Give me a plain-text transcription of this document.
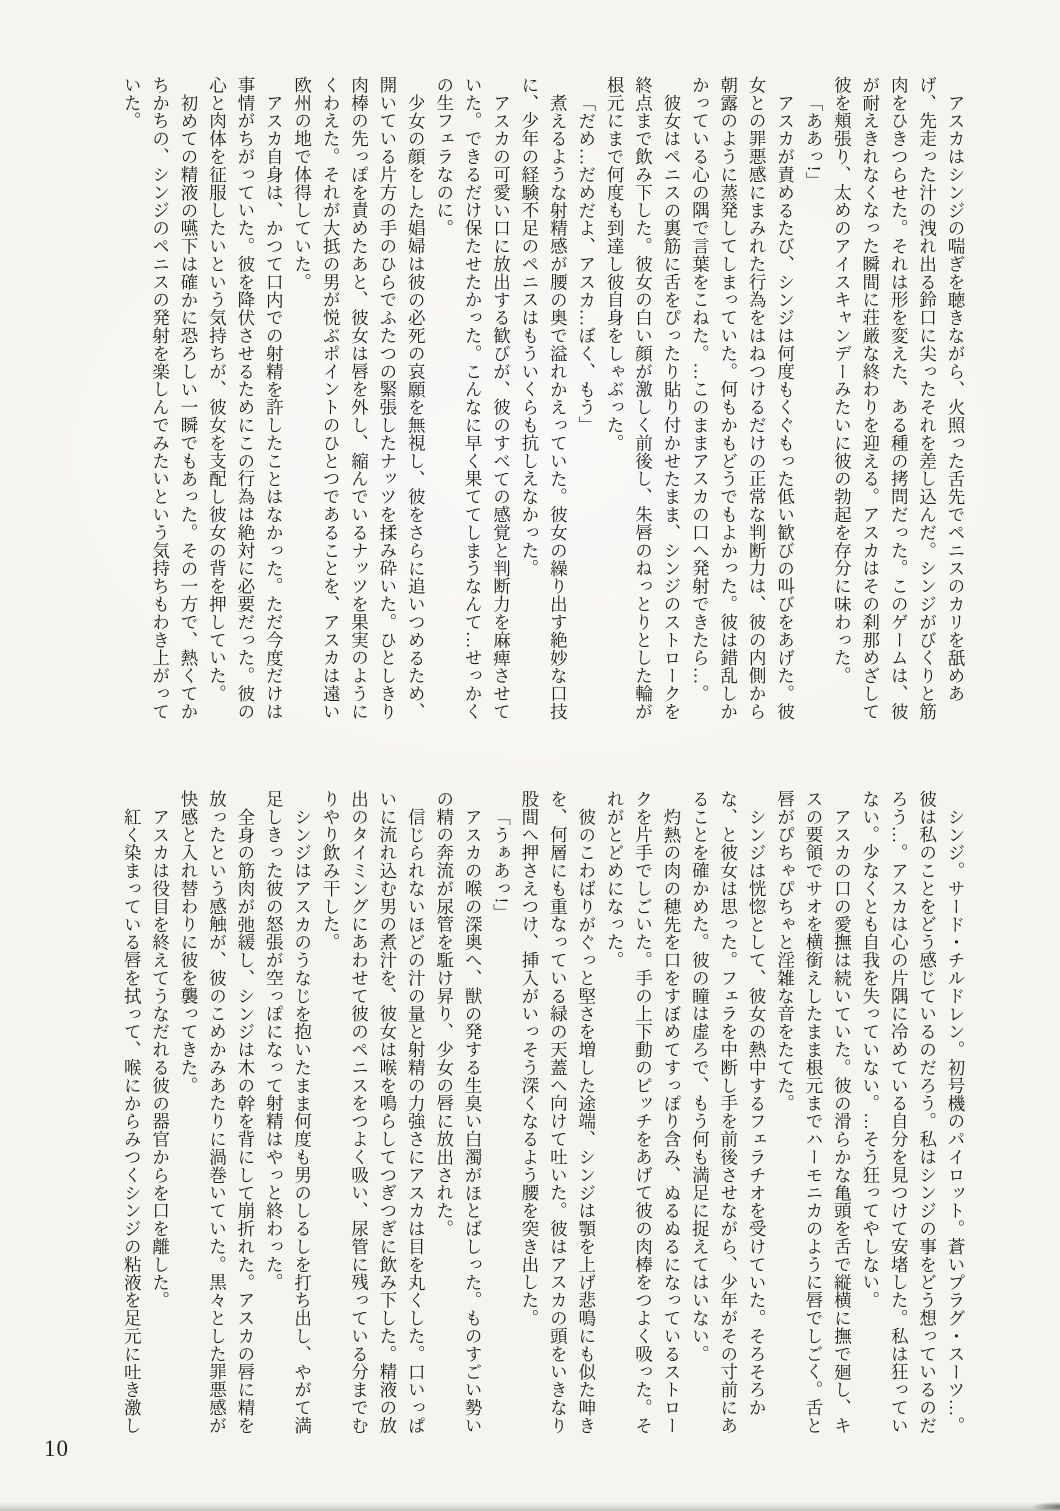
アスカはシンジの喘ぎを聴きながら、火照った舌先でペニスのカリを舐めあげ、先走った汁の洩れ出る鈴口に尖ったそれを差し込んだ。シンジがびくりと筋肉をひきつらせた。それは形を変えた、ある種の拷問だった。このゲームは、彼が耐えきれなくなった瞬間に荘厳な終わりを迎える。アスカはその刹那めざして彼を頬張り、太めのアイスキャンデーみたいに彼の勃起を存分に味わった。

「ああっ!」

アスカが責めるたび、シンジは何度もくぐもった低い歓びの叫びをあげた。彼女との罪悪感にまみれた行為をはねつけるだけの正常な判断力は、彼の内側から朝露のように蒸発してしまっていた。何もかもどうでもよかった。彼は錯乱しかかっている心の隅で言葉をこねた。…このままアスカの口へ発射できたら…。

彼女はペニスの裏筋に舌をぴったり貼り付かせたまま、シンジのストロークを終点まで飲み下した。彼女の白い顔が激しく前後し、朱唇のねっとりとした輪が根元にまで何度も到達し彼自身をしゃぶった。

「だめ…だめだよ、アスカ…ぼく、もう」

煮えるような射精感が腰の奥で溢れかえっていた。彼女の繰り出す絶妙な口技に、少年の経験不足のペニスはもういくらも抗しえなかった。

アスカの可愛い口に放出する歓びが、彼のすべての感覚と判断力を麻痺させていた。できるだけ保たせたかった。こんなに早く果ててしまうなんて…せっかくの生フェラなのに。

少女の顔をした娼婦は彼の必死の哀願を無視し、彼をさらに追いつめるため、開いている片方の手のひらでふたつの緊張したナッツを揉み砕いた。ひとしきり肉棒の先っぽを責めたあと、彼女は唇を外し、縮んでいるナッツを果実のようにくわえた。それが大抵の男が悦ぶポイントのひとつであることを、アスカは遠い欧州の地で体得していた。

アスカ自身は、かつて口内での射精を許したことはなかった。ただ今度だけは事情がちがっていた。彼を降伏させるためにこの行為は絶対に必要だった。彼の心と肉体を征服したいという気持ちが、彼女を支配し彼女の背を押していた。

初めての精液の嚥下は確かに恐ろしい一瞬でもあった。その一方で、熱くてかちかちの、シンジのペニスの発射を楽しんでみたいという気持ちもわき上がっていた。

シンジ。サード・チルドレン。初号機のパイロット。蒼いプラグ・スーツ…。彼は私のことをどう感じているのだろう。私はシンジの事をどう想っているのだろう…。アスカは心の片隅に冷めている自分を見つけて安堵した。私は狂っていない。少なくとも自我を失っていない。…そう狂ってやしない。

アスカの口の愛撫は続いていた。彼の滑らかな亀頭を舌で縦横に撫で廻し、キスの要領でサオを横銜えしたまま根元までハーモニカのように唇でしごく。舌と唇がぴちゃぴちゃと淫雑な音をたてた。

シンジは恍惚として、彼女の熱中するフェラチオを受けていた。そろそろかな、と彼女は思った。フェラを中断し手を前後させながら、少年がその寸前にあることを確かめた。彼の瞳は虚ろで、もう何も満足に捉えてはいない。

灼熱の肉の穂先を口をすぼめてすっぽり含み、ぬるぬるになっているストロークを片手でしごいた。手の上下動のピッチをあげて彼の肉棒をつよく吸った。それがとどめになった。

彼のこわばりがぐっと堅さを増した途端、シンジは顎を上げ悲鳴にも似た呻きを、何層にも重なっている緑の天蓋へ向けて吐いた。彼はアスカの頭をいきなり股間へ押さえつけ、挿入がいっそう深くなるよう腰を突き出した。

「うぁあっ!」

アスカの喉の深奥へ、獣の発する生臭い白濁がほとばしった。ものすごい勢いの精の奔流が尿管を駈け昇り、少女の唇に放出された。

信じられないほどの汁の量と射精の力強さにアスカは目を丸くした。口いっぱいに流れ込む男の煮汁を、彼女は喉を鳴らしてつぎつぎに飲み下した。精液の放出のタイミングにあわせて彼のペニスをつよく吸い、尿管に残っている分までむりやり飲み干した。

シンジはアスカのうなじを抱いたまま何度も男のしるしを打ち出し、やがて満足しきった彼の怒張が空っぽになって射精はやっと終わった。

全身の筋肉が弛緩し、シンジは木の幹を背にして崩折れた。アスカの唇に精を放ったという感触が、彼のこめかみあたりに渦巻いていた。黒々とした罪悪感が快感と入れ替わりに彼を襲ってきた。

アスカは役目を終えてうなだれる彼の器官からを口を離した。

紅く染まっている唇を拭って、喉にからみつくシンジの粘液を足元に吐き激し

10
